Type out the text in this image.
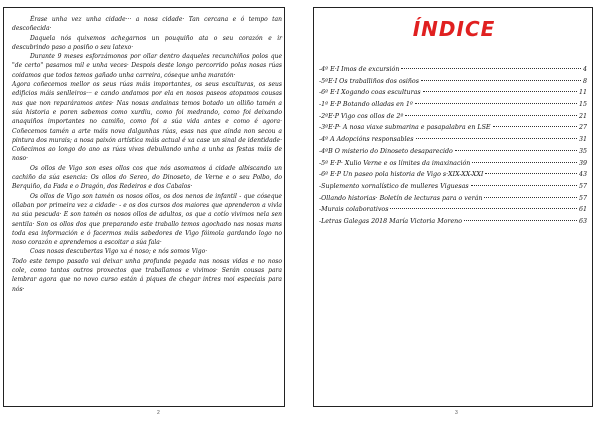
Érase unha vez unha cidade··· a nosa cidade· Tan cercana e ó tempo tan descoñecida·

Daquela nós quixemos achegarnos un pouquiño ata o seu corazón e ir descubrindo paso a posiño o seu latexo·

Durante 9 meses esforzámonos por ollar dentro daqueles recunchiños polos que "de certo" pasamos mil e unha veces· Despois deste longo percorrido polas nosas rúas coidamos que todos temos gañado unha carreira, cóseque unha maratón·

Agora coñecemos mellor os seus rúas máis importantes, os seus esculturas, os seus edificios máis senlleiros··· e cando andamos por ela en nosos paseos atopamos cousas nas que non reparáramos antes· Nas nosas andainas temos botado un olliño tamén a súa historia e poren sabemos como xurdiu, como foi medrando, como foi deixando anaquiños importantes no camiño, como foi a súa vida antes e como é agora· Coñecemos tamén a arte máis nova dalgunhas rúas, esas nas que ainda non secou a pintura dos murais; a nosa paixón artística máis actual é xa case un sinal de identidade· Coñecimos ao longo do ano as rúas vivas debullando unha a unha as festas máis de noso·

Os ollos de Vigo son eses ollos cos que nós asomamos á cidade albiscando un cachiño da súa esencia: Os ollos do Sereo, do Dinoseto, de Verne e o seu Polbo, do Berquiño, da Fada e o Dragón, dos Redeiros e dos Cabalos·

Os ollos de Vigo son tamén os nosos ollos, os dos nenos de infantil - que cóseque ollaban por primeira vez a cidade· - e os dos cursos dos maiores que aprenderon a vivla na súa pescuda· E son tamén os nosos ollos de adultos, os que a cotío vivimos nela sen sentila· Son os ollos dos que preparando este traballo temos agochado nas nosas mans toda esa información e ó facermos máis sabedores de Vigo fóimola gardando logo no noso corazón e aprendemos a escoitar a súa fala·

Coas nosas descubertas Vigo xa é noso; e nós somos Vigo·

Todo este tempo pasado vai deixar unha profunda pegada nas nosas vidas e no noso cole, como tantos outros proxectos que traballamos e vivimos· Serán cousas para lembrar agora que no novo curso están á piques de chegar intres moi especiais para nós·

2
ÍNDICE
-4º E·I Imos de excursión	4
-5ºE·I Os traballiños dos osiños	8
-6º E·I Xogando coas esculturas	11
-1º E·P Botando olladas en 1º	15
-2ºE·P Vigo cos ollos de 2º	21
-3ºE·P· A nosa viaxe submarina e pasapalabra en LSE	27
-4º A Adopcións responsables	31
-4ºB O misterio do Dinoseto desaparecido	35
-5º E·P· Xulio Verne e os límites da imaxinación	39
-6º E·P Un paseo pola historia de Vigo s·XIX-XX-XXI	43
-Suplemento xornalístico de mulleres Viguesas	57
-Ollando historias· Boletín de lecturas para o verán	57
-Murais colaborativos	61
-Letras Galegas 2018 María Victoria Moreno	63
3
